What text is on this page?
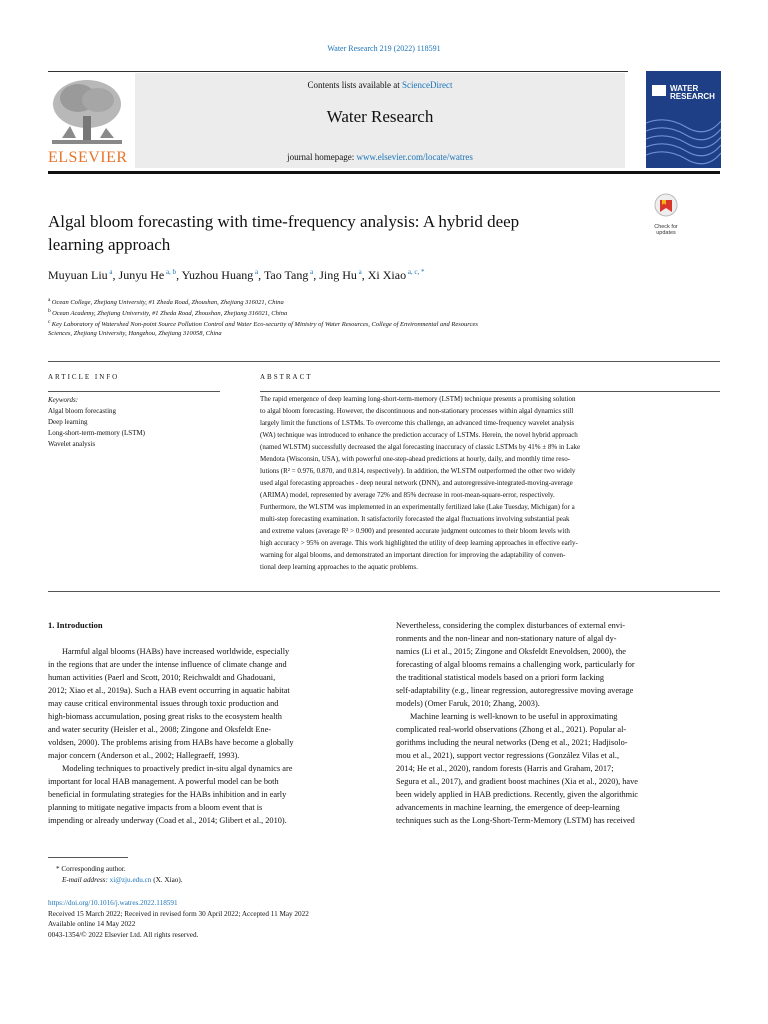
Water Research 219 (2022) 118591
ELSEVIER
Contents lists available at ScienceDirect
Water Research
journal homepage: www.elsevier.com/locate/watres
WATER
RESEARCH
Algal bloom forecasting with time-frequency analysis: A hybrid deep
learning approach
Check for
updates
Muyuan Liu $^a$, Junyu He $^{a, b}$, Yuzhou Huang $^a$, Tao Tang $^a$, Jing Hu $^a$, Xi Xiao $^{a, c, *}$
$^a$ Ocean College, Zhejiang University, #1 Zheda Road, Zhoushan, Zhejiang 316021, China
$^b$ Ocean Academy, Zhejiang University, #1 Zheda Road, Zhoushan, Zhejiang 316021, China
$^c$ Key Laboratory of Watershed Non-point Source Pollution Control and Water Eco-security of Ministry of Water Resources, College of Environmental and Resources
Sciences, Zhejiang University, Hangzhou, Zhejiang 310058, China
ARTICLE INFO
Keywords:
Algal bloom forecasting
Deep learning
Long-short-term-memory (LSTM)
Wavelet analysis
ABSTRACT
The rapid emergence of deep learning long-short-term-memory (LSTM) technique presents a promising solution
to algal bloom forecasting. However, the discontinuous and non-stationary processes within algal dynamics still
largely limit the functions of LSTMs. To overcome this challenge, an advanced time-frequency wavelet analysis
(WA) technique was introduced to enhance the prediction accuracy of LSTMs. Herein, the novel hybrid approach
(named WLSTM) successfully decreased the algal forecasting inaccuracy of classic LSTMs by 41% ± 8% in Lake
Mendota (Wisconsin, USA), with powerful one-step-ahead predictions at hourly, daily, and monthly time reso-
lutions (R² = 0.976, 0.870, and 0.814, respectively). In addition, the WLSTM outperformed the other two widely
used algal forecasting approaches - deep neural network (DNN), and autoregressive-integrated-moving-average
(ARIMA) model, represented by average 72% and 85% decrease in root-mean-square-error, respectively.
Furthermore, the WLSTM was implemented in an experimentally fertilized lake (Lake Tuesday, Michigan) for a
multi-step forecasting examination. It satisfactorily forecasted the algal fluctuations involving substantial peak
and extreme values (average R² > 0.900) and presented accurate judgment outcomes to their bloom levels with
high accuracy > 95% on average. This work highlighted the utility of deep learning approaches in effective early-
warning for algal blooms, and demonstrated an important direction for improving the adaptability of conven-
tional deep learning approaches to the aquatic problems.
1. Introduction
Harmful algal blooms (HABs) have increased worldwide, especially
in the regions that are under the intense influence of climate change and
human activities (Paerl and Scott, 2010; Reichwaldt and Ghadouani,
2012; Xiao et al., 2019a). Such a HAB event occurring in aquatic habitat
may cause critical environmental issues through toxic production and
high-biomass accumulation, posing great risks to the ecosystem health
and water security (Heisler et al., 2008; Zingone and Oksfeldt Ene-
voldsen, 2000). The problems arising from HABs have become a globally
major concern (Anderson et al., 2002; Hallegraeff, 1993).
Modeling techniques to proactively predict in-situ algal dynamics are
important for local HAB management. A powerful model can be both
beneficial in formulating strategies for the HABs inhibition and in early
planning to mitigate negative impacts from a bloom event that is
impending or already underway (Coad et al., 2014; Glibert et al., 2010).
Nevertheless, considering the complex disturbances of external envi-
ronments and the non-linear and non-stationary nature of algal dy-
namics (Li et al., 2015; Zingone and Oksfeldt Enevoldsen, 2000), the
forecasting of algal blooms remains a challenging work, particularly for
the traditional statistical models based on a priori form lacking
self-adaptability (e.g., linear regression, autoregressive moving average
models) (Omer Faruk, 2010; Zhang, 2003).
Machine learning is well-known to be useful in approximating
complicated real-world observations (Zhong et al., 2021). Popular al-
gorithms including the neural networks (Deng et al., 2021; Hadjisolo-
mou et al., 2021), support vector regressions (González Vilas et al.,
2014; He et al., 2020), random forests (Harris and Graham, 2017;
Segura et al., 2017), and gradient boost machines (Xia et al., 2020), have
been widely applied in HAB predictions. Recently, given the algorithmic
advancements in machine learning, the emergence of deep-learning
techniques such as the Long-Short-Term-Memory (LSTM) has received
* Corresponding author.
E-mail address: xi@zju.edu.cn (X. Xiao).
https://doi.org/10.1016/j.watres.2022.118591
Received 15 March 2022; Received in revised form 30 April 2022; Accepted 11 May 2022
Available online 14 May 2022
0043-1354/© 2022 Elsevier Ltd. All rights reserved.
